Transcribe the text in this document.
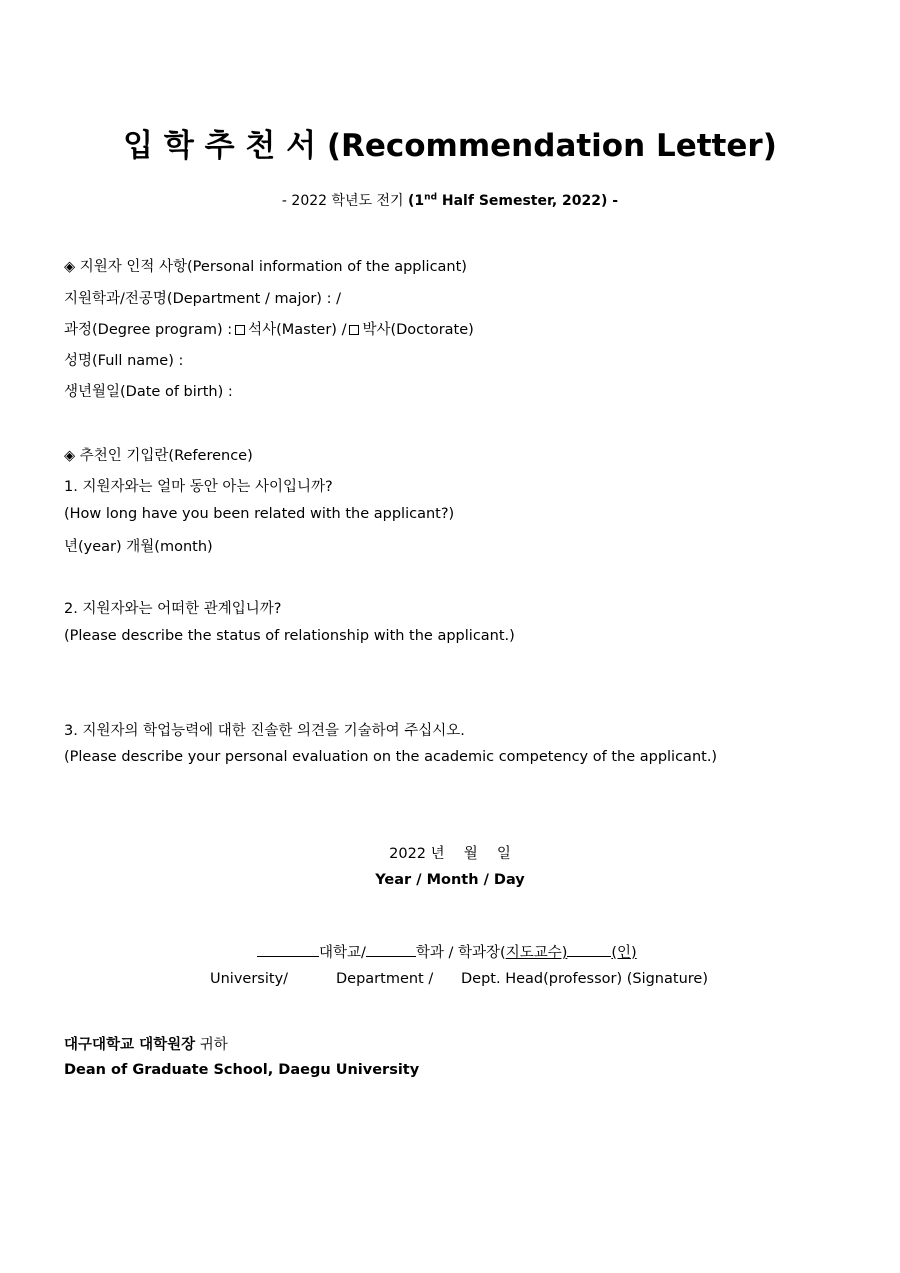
입 학 추 천 서 (Recommendation Letter)
- 2022 학년도 전기 (1nd Half Semester, 2022) -
◈ 지원자 인적 사항(Personal information of the applicant)
지원학과/전공명(Department / major) : /
과정(Degree program) : 석사(Master) / 박사(Doctorate)
성명(Full name) :
생년월일(Date of birth) :
◈ 추천인 기입란(Reference)
1. 지원자와는 얼마 동안 아는 사이입니까?
(How long have you been related with the applicant?)
년(year) 개월(month)
2. 지원자와는 어떠한 관계입니까?
(Please describe the status of relationship with the applicant.)
3. 지원자의 학업능력에 대한 진솔한 의견을 기술하여 주십시오.
(Please describe your personal evaluation on the academic competency of the applicant.)
2022 년　 월　 일
Year / Month / Day
대학교/	학과 / 학과장(지도교수)	(인)
University/	Department / Dept. Head(professor) (Signature)
대구대학교 대학원장 귀하
Dean of Graduate School, Daegu University
